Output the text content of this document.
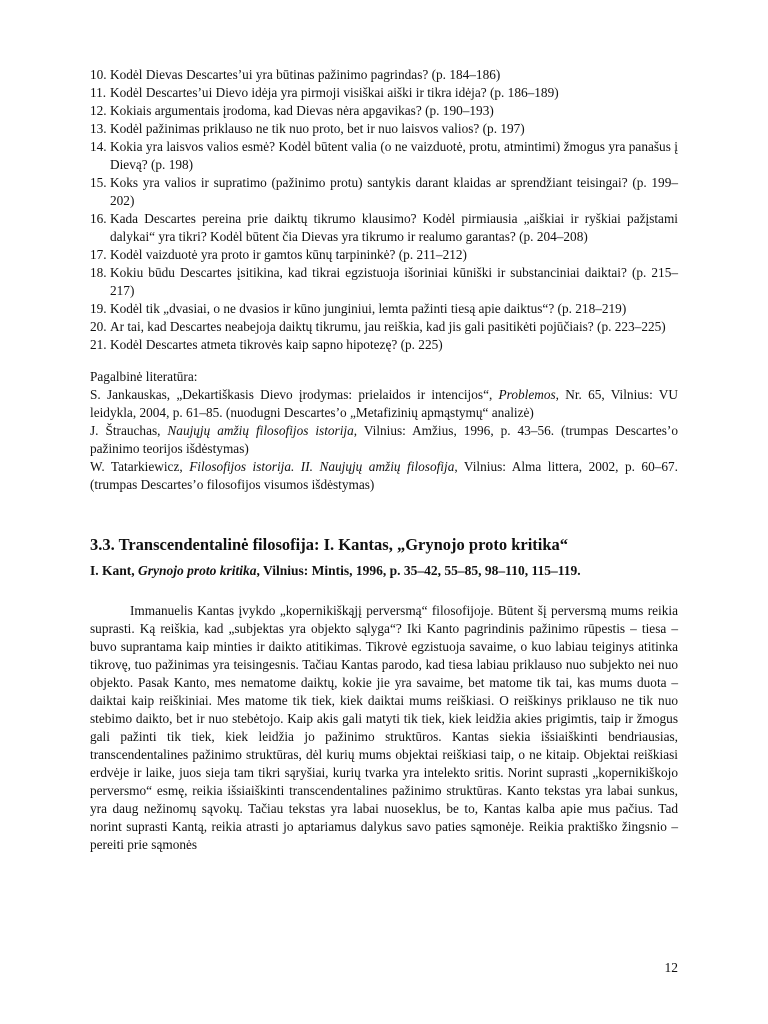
10. Kodėl Dievas Descartes’ui yra būtinas pažinimo pagrindas? (p. 184–186)
11. Kodėl Descartes’ui Dievo idėja yra pirmoji visiškai aiški ir tikra idėja? (p. 186–189)
12. Kokiais argumentais įrodoma, kad Dievas nėra apgavikas? (p. 190–193)
13. Kodėl pažinimas priklauso ne tik nuo proto, bet ir nuo laisvos valios? (p. 197)
14. Kokia yra laisvos valios esmė? Kodėl būtent valia (o ne vaizduotė, protu, atmintimi) žmogus yra panašus į Dievą? (p. 198)
15. Koks yra valios ir supratimo (pažinimo protu) santykis darant klaidas ar sprendžiant teisingai? (p. 199–202)
16. Kada Descartes pereina prie daiktų tikrumo klausimo? Kodėl pirmiausia „aiškiai ir ryškiai pažįstami dalykai“ yra tikri? Kodėl būtent čia Dievas yra tikrumo ir realumo garantas? (p. 204–208)
17. Kodėl vaizduotė yra proto ir gamtos kūnų tarpininkė? (p. 211–212)
18. Kokiu būdu Descartes įsitikina, kad tikrai egzistuoja išoriniai kūniški ir substanciniai daiktai? (p. 215–217)
19. Kodėl tik „dvasiai, o ne dvasios ir kūno junginiui, lemta pažinti tiesą apie daiktus“? (p. 218–219)
20. Ar tai, kad Descartes neabejoja daiktų tikrumu, jau reiškia, kad jis gali pasitikėti pojūčiais? (p. 223–225)
21. Kodėl Descartes atmeta tikrovės kaip sapno hipotezę? (p. 225)
Pagalbinė literatūra:
S. Jankauskas, „Dekartiškasis Dievo įrodymas: prielaidos ir intencijos“, Problemos, Nr. 65, Vilnius: VU leidykla, 2004, p. 61–85. (nuodugni Descartes’o „Metafizinių apmąstymų“ analizė)
J. Štrauchas, Naujųjų amžių filosofijos istorija, Vilnius: Amžius, 1996, p. 43–56. (trumpas Descartes’o pažinimo teorijos išdėstymas)
W. Tatarkiewicz, Filosofijos istorija. II. Naujųjų amžių filosofija, Vilnius: Alma littera, 2002, p. 60–67. (trumpas Descartes’o filosofijos visumos išdėstymas)
3.3. Transcendentalinė filosofija: I. Kantas, „Grynojo proto kritika“
I. Kant, Grynojo proto kritika, Vilnius: Mintis, 1996, p. 35–42, 55–85, 98–110, 115–119.

Immanuelis Kantas įvykdo „kopernikiškąjį perversmą“ filosofijoje. Būtent šį perversmą mums reikia suprasti. Ką reiškia, kad „subjektas yra objekto sąlyga“? Iki Kanto pagrindinis pažinimo rūpestis – tiesa – buvo suprantama kaip minties ir daikto atitikimas. Tikrovė egzistuoja savaime, o kuo labiau teiginys atitinka tikrovę, tuo pažinimas yra teisingesnis. Tačiau Kantas parodo, kad tiesa labiau priklauso nuo subjekto nei nuo objekto. Pasak Kanto, mes nematome daiktų, kokie jie yra savaime, bet matome tik tai, kas mums duota – daiktai kaip reiškiniai. Mes matome tik tiek, kiek daiktai mums reiškiasi. O reiškinys priklauso ne tik nuo stebimo daikto, bet ir nuo stebėtojo. Kaip akis gali matyti tik tiek, kiek leidžia akies prigimtis, taip ir žmogus gali pažinti tik tiek, kiek leidžia jo pažinimo struktūros. Kantas siekia išsiaiškinti bendriausias, transcendentalines pažinimo struktūras, dėl kurių mums objektai reiškiasi taip, o ne kitaip. Objektai reiškiasi erdvėje ir laike, juos sieja tam tikri sąryšiai, kurių tvarka yra intelekto sritis. Norint suprasti „kopernikiškojo perversmo“ esmę, reikia išsiaiškinti transcendentalines pažinimo struktūras. Kanto tekstas yra labai sunkus, yra daug nežinomų sąvokų. Tačiau tekstas yra labai nuoseklus, be to, Kantas kalba apie mus pačius. Tad norint suprasti Kantą, reikia atrasti jo aptariamus dalykus savo paties sąmonėje. Reikia praktiško žingsnio – pereiti prie sąmonės

12
